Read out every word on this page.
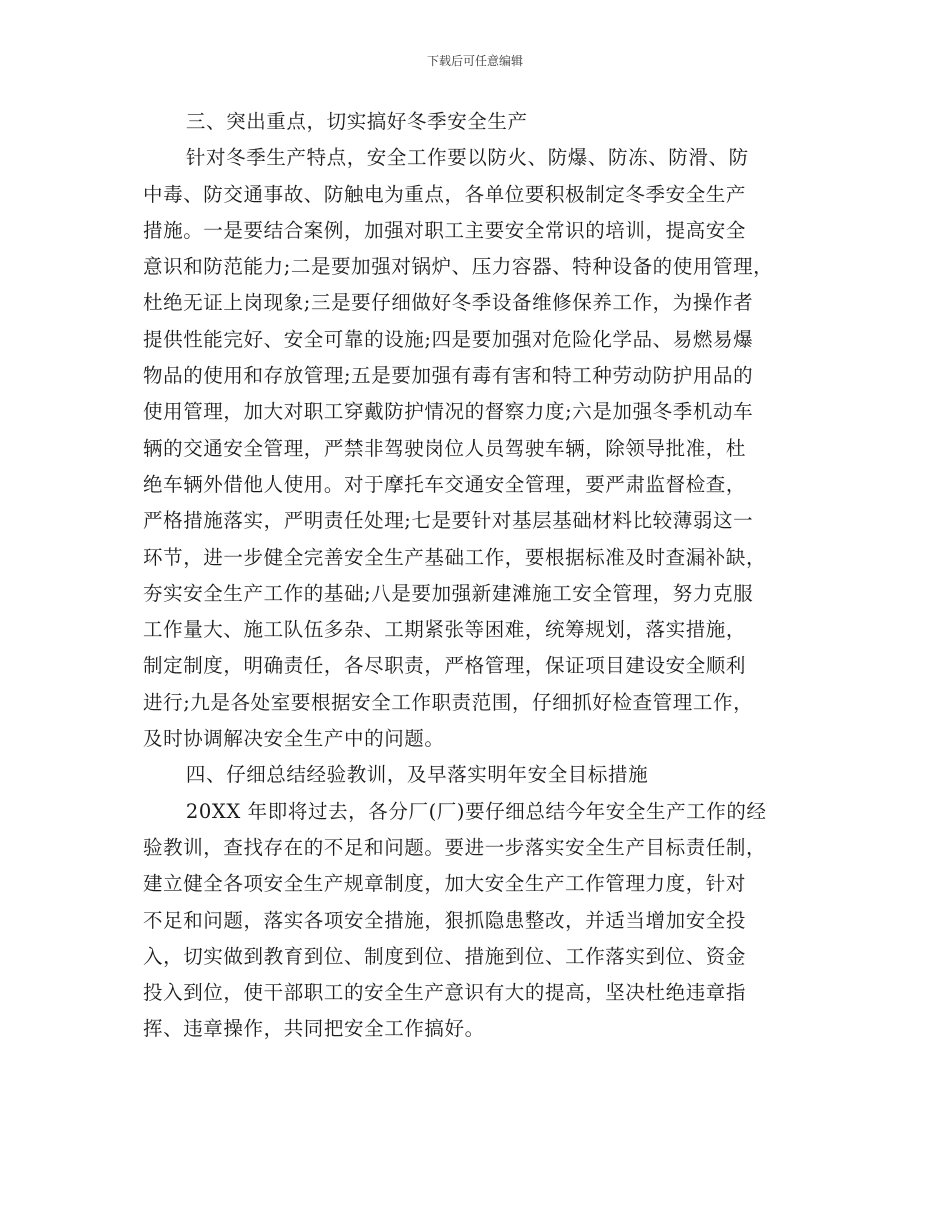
下载后可任意编辑
三、突出重点，切实搞好冬季安全生产
针对冬季生产特点，安全工作要以防火、防爆、防冻、防滑、防
中毒、防交通事故、防触电为重点，各单位要积极制定冬季安全生产
措施。一是要结合案例，加强对职工主要安全常识的培训，提高安全
意识和防范能力;二是要加强对锅炉、压力容器、特种设备的使用管理，
杜绝无证上岗现象;三是要仔细做好冬季设备维修保养工作，为操作者
提供性能完好、安全可靠的设施;四是要加强对危险化学品、易燃易爆
物品的使用和存放管理;五是要加强有毒有害和特工种劳动防护用品的
使用管理，加大对职工穿戴防护情况的督察力度;六是加强冬季机动车
辆的交通安全管理，严禁非驾驶岗位人员驾驶车辆，除领导批准，杜
绝车辆外借他人使用。对于摩托车交通安全管理，要严肃监督检查，
严格措施落实，严明责任处理;七是要针对基层基础材料比较薄弱这一
环节，进一步健全完善安全生产基础工作，要根据标准及时查漏补缺，
夯实安全生产工作的基础;八是要加强新建滩施工安全管理，努力克服
工作量大、施工队伍多杂、工期紧张等困难，统筹规划，落实措施，
制定制度，明确责任，各尽职责，严格管理，保证项目建设安全顺利
进行;九是各处室要根据安全工作职责范围，仔细抓好检查管理工作，
及时协调解决安全生产中的问题。
四、仔细总结经验教训，及早落实明年安全目标措施
20XX 年即将过去，各分厂(厂)要仔细总结今年安全生产工作的经
验教训，查找存在的不足和问题。要进一步落实安全生产目标责任制，
建立健全各项安全生产规章制度，加大安全生产工作管理力度，针对
不足和问题，落实各项安全措施，狠抓隐患整改，并适当增加安全投
入，切实做到教育到位、制度到位、措施到位、工作落实到位、资金
投入到位，使干部职工的安全生产意识有大的提高，坚决杜绝违章指
挥、违章操作，共同把安全工作搞好。
